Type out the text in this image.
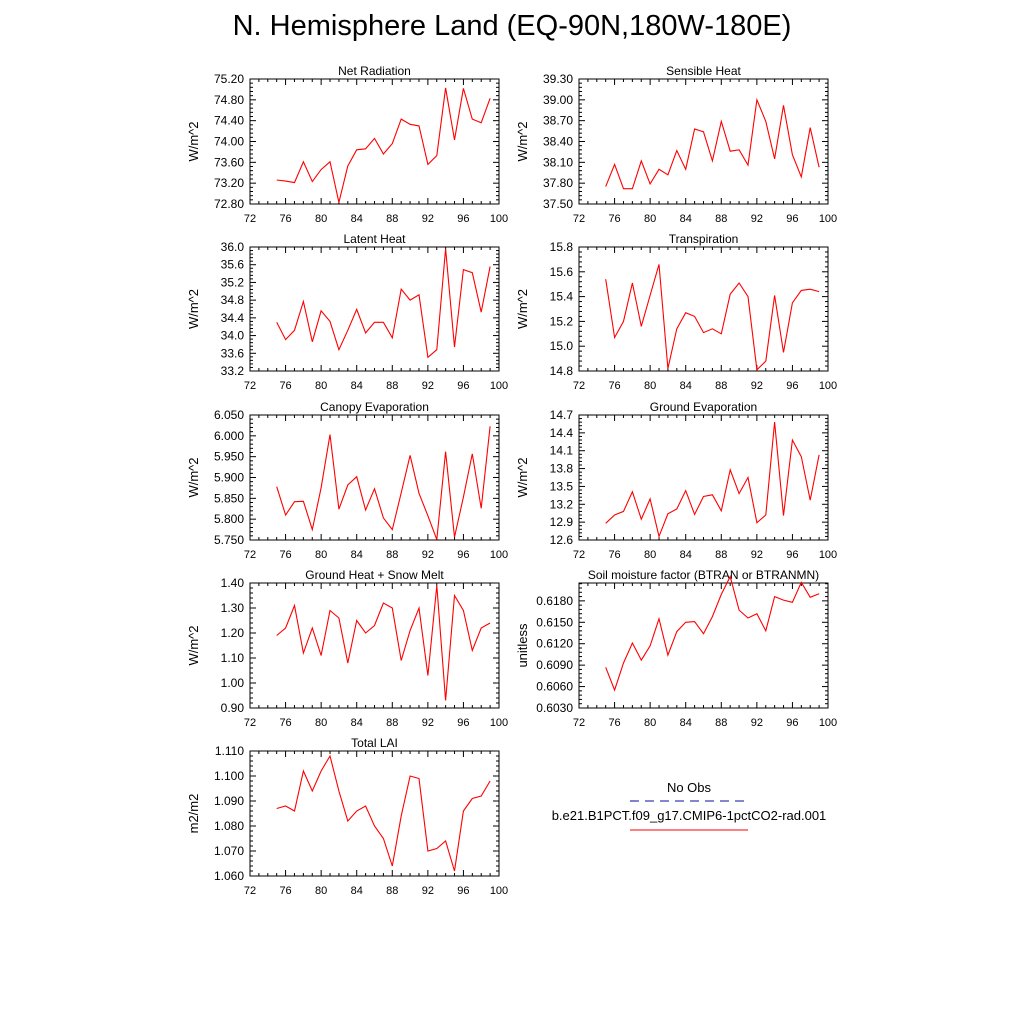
N. Hemisphere Land (EQ-90N,180W-180E)
Net Radiation
W/m^2
72 76 80 84 88 92 96 100
72.80
73.20
73.60
74.00
74.40
74.80
75.20
Sensible Heat
W/m^2
72 76 80 84 88 92 96 100
37.50
37.80
38.10
38.40
38.70
39.00
39.30
Latent Heat
W/m^2
72 76 80 84 88 92 96 100
33.2
33.6
34.0
34.4
34.8
35.2
35.6
36.0
Transpiration
W/m^2
72 76 80 84 88 92 96 100
14.8
15.0
15.2
15.4
15.6
15.8
Canopy Evaporation
W/m^2
72 76 80 84 88 92 96 100
5.750
5.800
5.850
5.900
5.950
6.000
6.050
Ground Evaporation
W/m^2
72 76 80 84 88 92 96 100
12.6
12.9
13.2
13.5
13.8
14.1
14.4
14.7
Ground Heat + Snow Melt
W/m^2
72 76 80 84 88 92 96 100
0.90
1.00
1.10
1.20
1.30
1.40
Soil moisture factor (BTRAN or BTRANMN)
unitless
72 76 80 84 88 92 96 100
0.6030
0.6060
0.6090
0.6120
0.6150
0.6180
Total LAI
m2/m2
72 76 80 84 88 92 96 100
1.060
1.070
1.080
1.090
1.100
1.110
No Obs
b.e21.B1PCT.f09_g17.CMIP6-1pctCO2-rad.001
